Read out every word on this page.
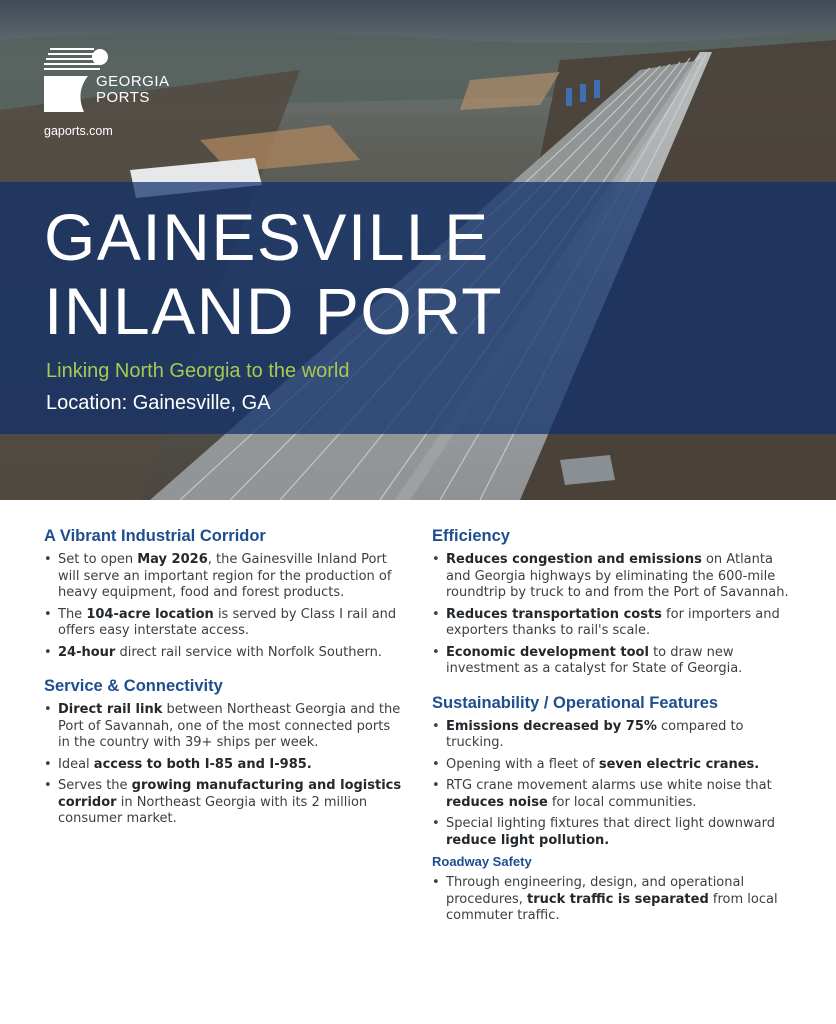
GEORGIA
PORTS
gaports.com
GAINESVILLE
INLAND PORT
Linking North Georgia to the world
Location: Gainesville, GA
A Vibrant Industrial Corridor
• Set to open May 2026, the Gainesville Inland Port will serve an important region for the production of heavy equipment, food and forest products.
• The 104-acre location is served by Class I rail and offers easy interstate access.
• 24-hour direct rail service with Norfolk Southern.
Service & Connectivity
• Direct rail link between Northeast Georgia and the Port of Savannah, one of the most connected ports in the country with 39+ ships per week.
• Ideal access to both I-85 and I-985.
• Serves the growing manufacturing and logistics corridor in Northeast Georgia with its 2 million consumer market.
Efficiency
• Reduces congestion and emissions on Atlanta and Georgia highways by eliminating the 600-mile roundtrip by truck to and from the Port of Savannah.
• Reduces transportation costs for importers and exporters thanks to rail's scale.
• Economic development tool to draw new investment as a catalyst for State of Georgia.
Sustainability / Operational Features
• Emissions decreased by 75% compared to trucking.
• Opening with a fleet of seven electric cranes.
• RTG crane movement alarms use white noise that reduces noise for local communities.
• Special lighting fixtures that direct light downward reduce light pollution.
Roadway Safety
• Through engineering, design, and operational procedures, truck traffic is separated from local commuter traffic.
